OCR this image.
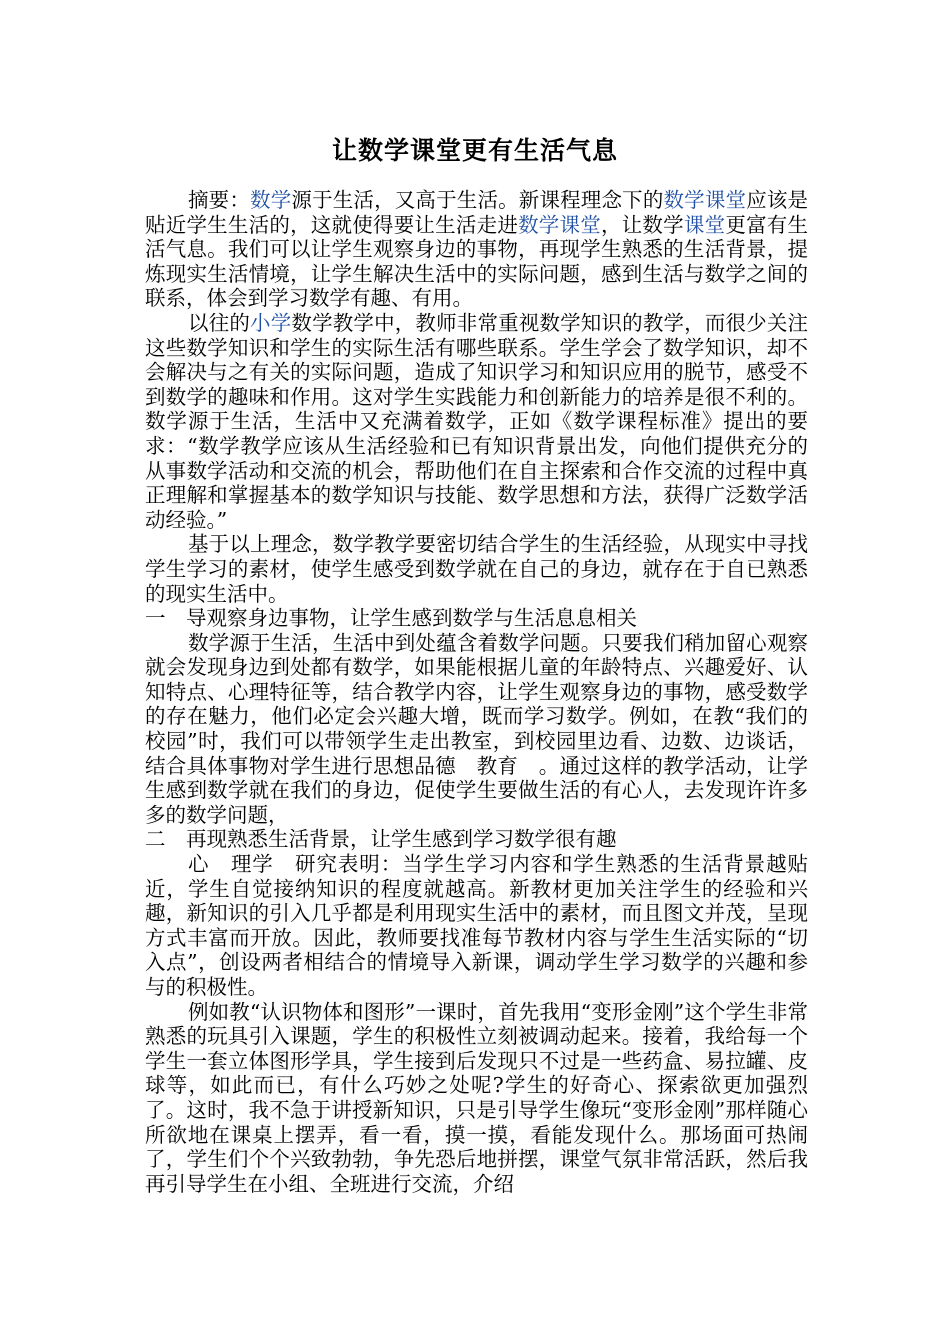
让数学课堂更有生活气息

摘要：数学源于生活，又高于生活。新课程理念下的数学课堂应该是贴近学生生活的，这就使得要让生活走进数学课堂，让数学课堂更富有生活气息。我们可以让学生观察身边的事物，再现学生熟悉的生活背景，提炼现实生活情境，让学生解决生活中的实际问题，感到生活与数学之间的联系，体会到学习数学有趣、有用。

以往的小学数学教学中，教师非常重视数学知识的教学，而很少关注这些数学知识和学生的实际生活有哪些联系。学生学会了数学知识，却不会解决与之有关的实际问题，造成了知识学习和知识应用的脱节，感受不到数学的趣味和作用。这对学生实践能力和创新能力的培养是很不利的。数学源于生活，生活中又充满着数学，正如《数学课程标准》提出的要求：“数学教学应该从生活经验和已有知识背景出发，向他们提供充分的从事数学活动和交流的机会，帮助他们在自主探索和合作交流的过程中真正理解和掌握基本的数学知识与技能、数学思想和方法，获得广泛数学活动经验。”

基于以上理念，数学教学要密切结合学生的生活经验，从现实中寻找学生学习的素材，使学生感受到数学就在自己的身边，就存在于自已熟悉的现实生活中。

一　导观察身边事物，让学生感到数学与生活息息相关

数学源于生活，生活中到处蕴含着数学问题。只要我们稍加留心观察就会发现身边到处都有数学，如果能根据儿童的年龄特点、兴趣爱好、认知特点、心理特征等，结合教学内容，让学生观察身边的事物，感受数学的存在魅力，他们必定会兴趣大增，既而学习数学。例如，在教“我们的校园”时，我们可以带领学生走出教室，到校园里边看、边数、边谈话，结合具体事物对学生进行思想品德　教育　。通过这样的教学活动，让学生感到数学就在我们的身边，促使学生要做生活的有心人，去发现许许多多的数学问题，

二　再现熟悉生活背景，让学生感到学习数学很有趣

心　理学　研究表明：当学生学习内容和学生熟悉的生活背景越贴近，学生自觉接纳知识的程度就越高。新教材更加关注学生的经验和兴趣，新知识的引入几乎都是利用现实生活中的素材，而且图文并茂，呈现方式丰富而开放。因此，教师要找准每节教材内容与学生生活实际的“切入点”，创设两者相结合的情境导入新课，调动学生学习数学的兴趣和参与的积极性。

例如教“认识物体和图形”一课时，首先我用“变形金刚”这个学生非常熟悉的玩具引入课题，学生的积极性立刻被调动起来。接着，我给每一个学生一套立体图形学具，学生接到后发现只不过是一些药盒、易拉罐、皮球等，如此而已，有什么巧妙之处呢?学生的好奇心、探索欲更加强烈了。这时，我不急于讲授新知识，只是引导学生像玩“变形金刚”那样随心所欲地在课桌上摆弄，看一看，摸一摸，看能发现什么。那场面可热闹了，学生们个个兴致勃勃，争先恐后地拼摆，课堂气氛非常活跃，然后我再引导学生在小组、全班进行交流，介绍
